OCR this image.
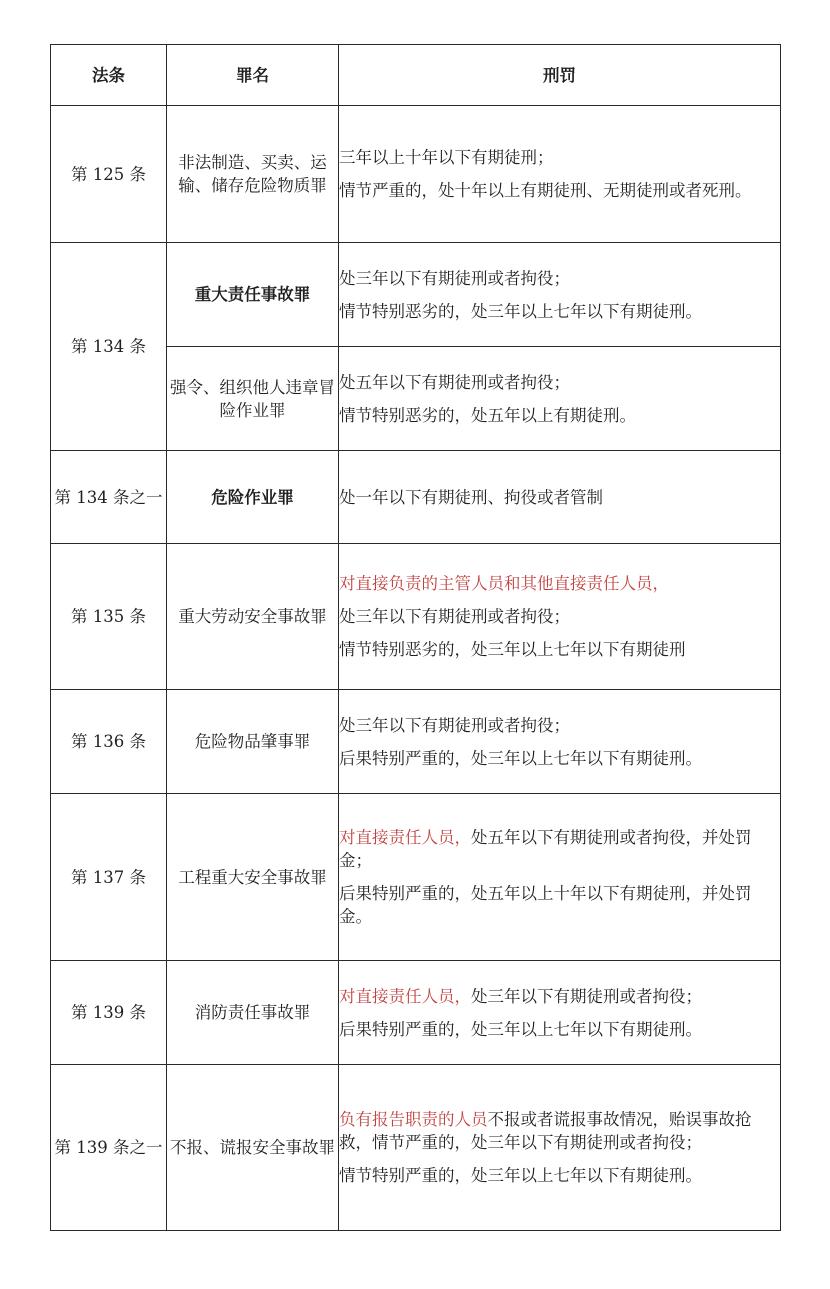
法条	罪名	刑罚
第 125 条	非法制造、买卖、运输、储存危险物质罪	三年以上十年以下有期徒刑；

情节严重的，处十年以上有期徒刑、无期徒刑或者死刑。

第 134 条	重大责任事故罪	处三年以下有期徒刑或者拘役；

情节特别恶劣的，处三年以上七年以下有期徒刑。

	强令、组织他人违章冒险作业罪	处五年以下有期徒刑或者拘役；

情节特别恶劣的，处五年以上有期徒刑。

第 134 条之一	危险作业罪	处一年以下有期徒刑、拘役或者管制

第 135 条	重大劳动安全事故罪	对直接负责的主管人员和其他直接责任人员，

处三年以下有期徒刑或者拘役；

情节特别恶劣的，处三年以上七年以下有期徒刑

第 136 条	危险物品肇事罪	处三年以下有期徒刑或者拘役；

后果特别严重的，处三年以上七年以下有期徒刑。

第 137 条	工程重大安全事故罪	对直接责任人员，处五年以下有期徒刑或者拘役，并处罚金；

后果特别严重的，处五年以上十年以下有期徒刑，并处罚金。

第 139 条	消防责任事故罪	对直接责任人员，处三年以下有期徒刑或者拘役；

后果特别严重的，处三年以上七年以下有期徒刑。

第 139 条之一	不报、谎报安全事故罪	负有报告职责的人员不报或者谎报事故情况，贻误事故抢救，情节严重的，处三年以下有期徒刑或者拘役；

情节特别严重的，处三年以上七年以下有期徒刑。
